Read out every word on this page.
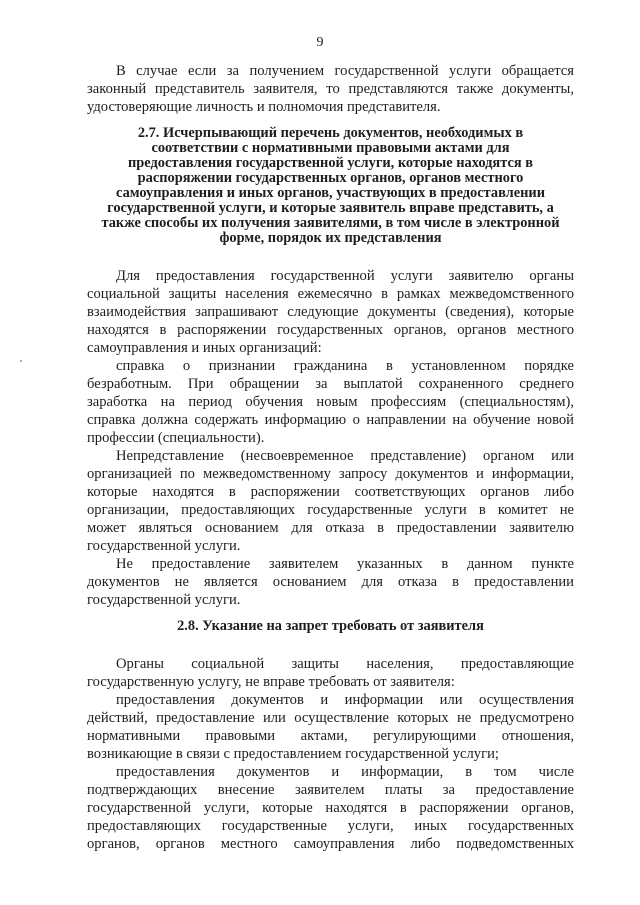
9
В случае если за получением государственной услуги обращается
законный представитель заявителя, то представляются также документы,
удостоверяющие личность и полномочия представителя.
2.7. Исчерпывающий перечень документов, необходимых в
соответствии с нормативными правовыми актами для
предоставления государственной услуги, которые находятся в
распоряжении государственных органов, органов местного
самоуправления и иных органов, участвующих в предоставлении
государственной услуги, и которые заявитель вправе представить, а
также способы их получения заявителями, в том числе в электронной
форме, порядок их представления
Для предоставления государственной услуги заявителю органы
социальной защиты населения ежемесячно в рамках межведомственного
взаимодействия запрашивают следующие документы (сведения), которые
находятся в распоряжении государственных органов, органов местного
самоуправления и иных организаций:
справка о признании гражданина в установленном порядке
безработным. При обращении за выплатой сохраненного среднего
заработка на период обучения новым профессиям (специальностям),
справка должна содержать информацию о направлении на обучение новой
профессии (специальности).
Непредставление (несвоевременное представление) органом или
организацией по межведомственному запросу документов и информации,
которые находятся в распоряжении соответствующих органов либо
организации, предоставляющих государственные услуги в комитет не
может являться основанием для отказа в предоставлении заявителю
государственной услуги.
Не предоставление заявителем указанных в данном пункте
документов не является основанием для отказа в предоставлении
государственной услуги.
2.8. Указание на запрет требовать от заявителя
Органы социальной защиты населения, предоставляющие
государственную услугу, не вправе требовать от заявителя:
предоставления документов и информации или осуществления
действий, предоставление или осуществление которых не предусмотрено
нормативными правовыми актами, регулирующими отношения,
возникающие в связи с предоставлением государственной услуги;
предоставления документов и информации, в том числе
подтверждающих внесение заявителем платы за предоставление
государственной услуги, которые находятся в распоряжении органов,
предоставляющих государственные услуги, иных государственных
органов, органов местного самоуправления либо подведомственных
